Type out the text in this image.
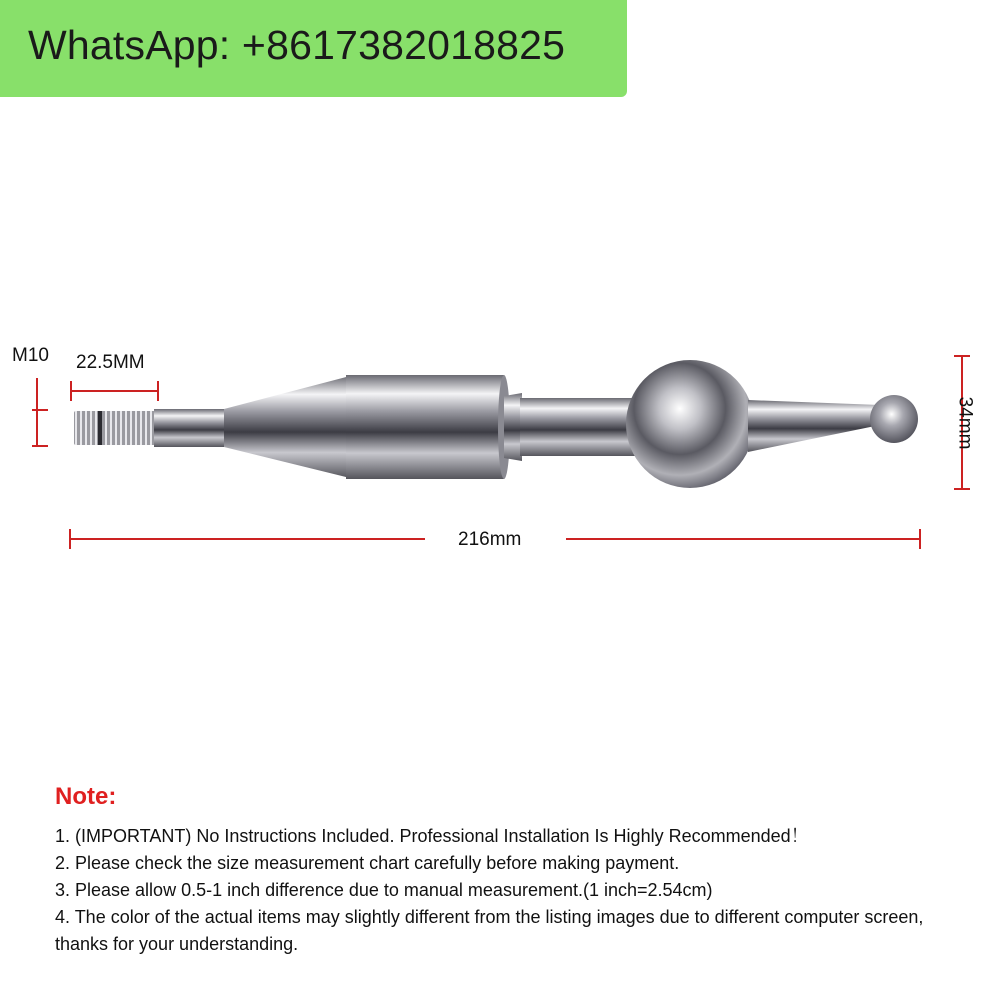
WhatsApp: +8617382018825
M10 22.5MM
34mm
216mm

Note:

1. (IMPORTANT) No Instructions Included. Professional Installation Is Highly Recommended！

2. Please check the size measurement chart carefully before making payment.

3. Please allow 0.5-1 inch difference due to manual measurement.(1 inch=2.54cm)

4. The color of the actual items may slightly different from the listing images due to different computer screen, thanks for your understanding.
